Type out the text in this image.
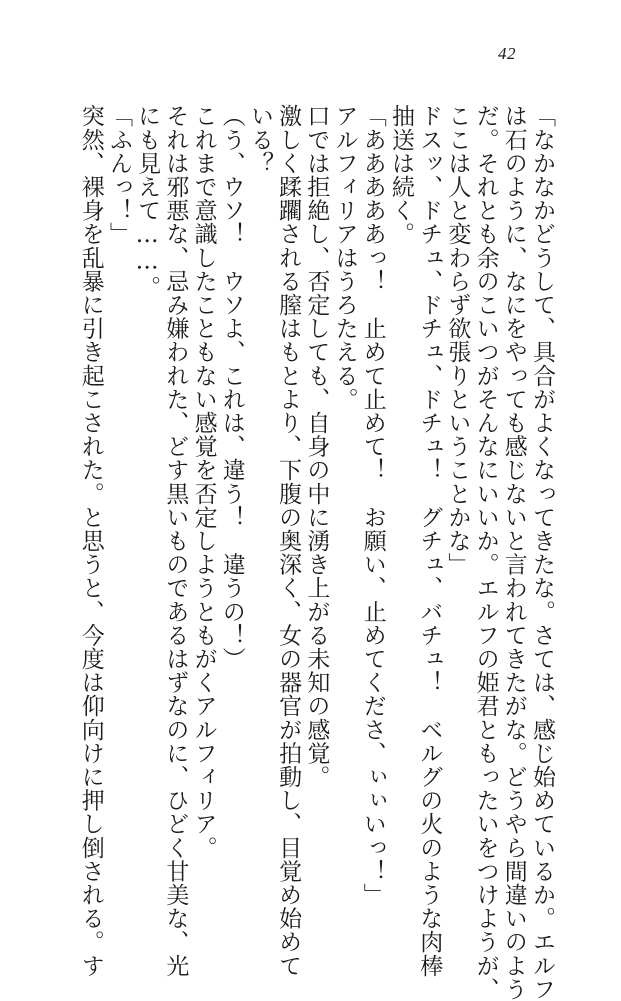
42
「なかなかどうして、具合がよくなってきたな。さては、感じ始めているか。エルフ
は石のように、なにをやっても感じないと言われてきたがな。どうやら間違いのよう
だ。それとも余のこいつがそんなにいいか。エルフの姫君ともったいをつけようが、
ここは人と変わらず欲張りということかな」
ドスッ、ドチュ、ドチュ、ドチュ！　グチュ、バチュ！　ベルグの火のような肉棒
抽送は続く。
「あああああっ！　止めて止めて！　お願い、止めてくださ、ぃぃいっ！」
アルフィリアはうろたえる。
口では拒絶し、否定しても、自身の中に湧き上がる未知の感覚。
激しく蹂躙される膣はもとより、下腹の奥深く、女の器官が拍動し、目覚め始めて
いる？
（う、ウソ！　ウソよ、これは、違う！　違うの！）
これまで意識したこともない感覚を否定しようともがくアルフィリア。
それは邪悪な、忌み嫌われた、どす黒いものであるはずなのに、ひどく甘美な、光
にも見えて……。
「ふんっ！」
突然、裸身を乱暴に引き起こされた。と思うと、今度は仰向けに押し倒される。す
